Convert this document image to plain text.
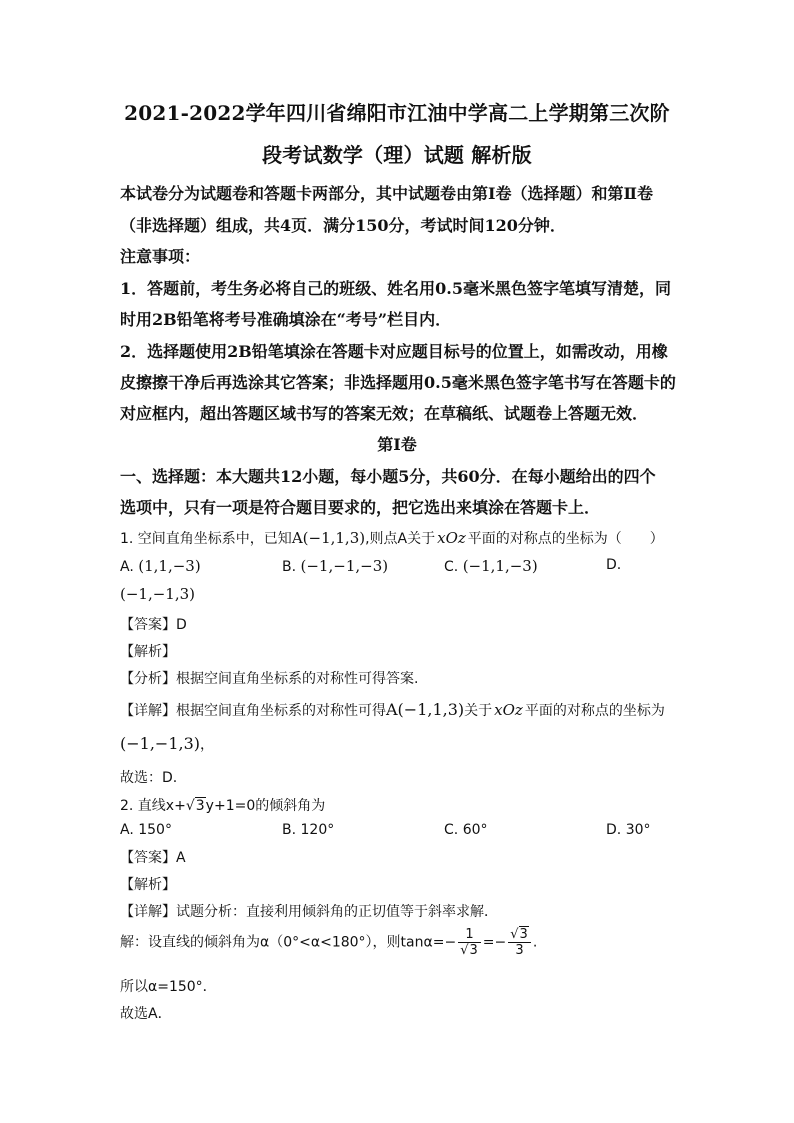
2021-2022学年四川省绵阳市江油中学高二上学期第三次阶
段考试数学（理）试题 解析版
本试卷分为试题卷和答题卡两部分，其中试题卷由第Ⅰ卷（选择题）和第Ⅱ卷
（非选择题）组成，共4页．满分150分，考试时间120分钟．
注意事项：
1．答题前，考生务必将自己的班级、姓名用0.5毫米黑色签字笔填写清楚，同
时用2B铅笔将考号准确填涂在“考号”栏目内．
2．选择题使用2B铅笔填涂在答题卡对应题目标号的位置上，如需改动，用橡
皮擦擦干净后再选涂其它答案；非选择题用0.5毫米黑色签字笔书写在答题卡的
对应框内，超出答题区域书写的答案无效；在草稿纸、试题卷上答题无效．
第Ⅰ卷
一、选择题：本大题共12小题，每小题5分，共60分．在每小题给出的四个
选项中，只有一项是符合题目要求的，把它选出来填涂在答题卡上．
1. 空间直角坐标系中，已知A(−1,1,3),则点A关于 xOz 平面的对称点的坐标为（　　）
A. (1,1,−3)	B. (−1,−1,−3)	C. (−1,1,−3)	D.
(−1,−1,3)
【答案】D
【解析】
【分析】根据空间直角坐标系的对称性可得答案.
【详解】根据空间直角坐标系的对称性可得A(−1,1,3)关于 xOz 平面的对称点的坐标为
(−1,−1,3)，
故选：D.
2. 直线x+√3y+1=0的倾斜角为
A. 150°	B. 120°	C. 60°	D. 30°
【答案】A
【解析】
【详解】试题分析：直接利用倾斜角的正切值等于斜率求解．
解：设直线的倾斜角为α（0°<α<180°），则$\tan\alpha=- \frac{1}{√3} =- \frac{√3}{3}$ .
所以α=150°．
故选A．
